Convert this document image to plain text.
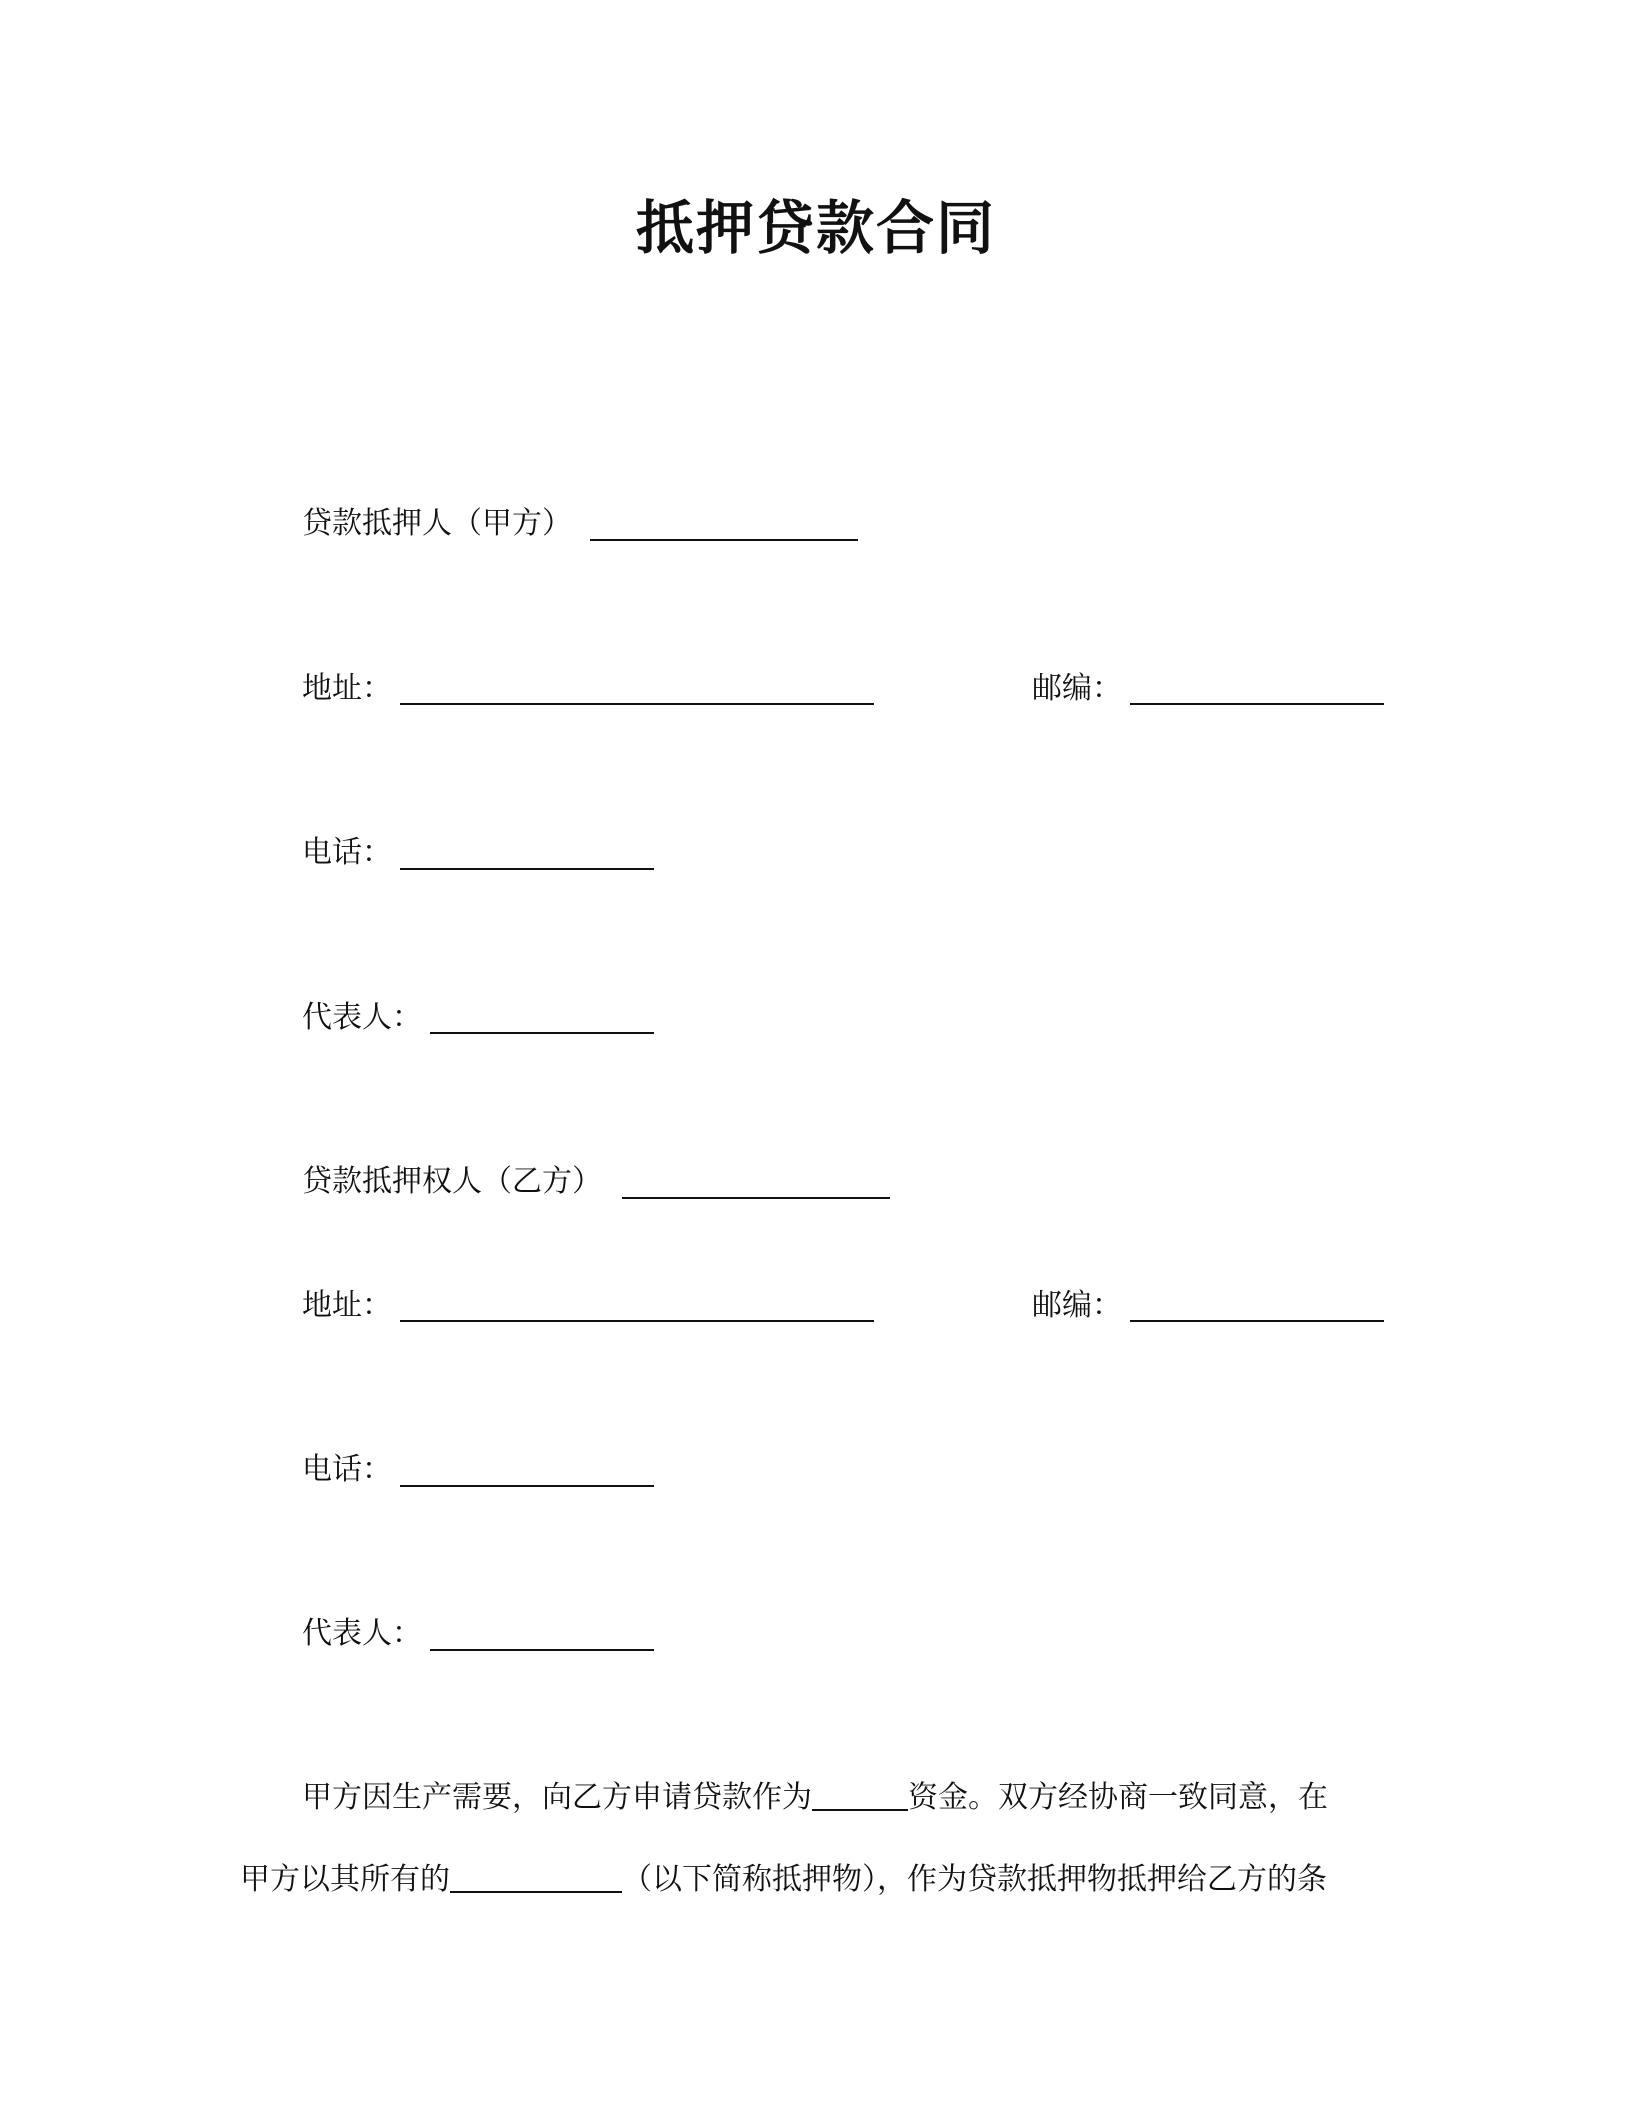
抵押贷款合同
贷款抵押人（甲方）
地址：	邮编：
电话：
代表人：
贷款抵押权人（乙方）
地址：	邮编：
电话：
代表人：
甲方因生产需要，向乙方申请贷款作为	资金。双方经协商一致同意，在
甲方以其所有的	（以下简称抵押物），作为贷款抵押物抵押给乙方的条
